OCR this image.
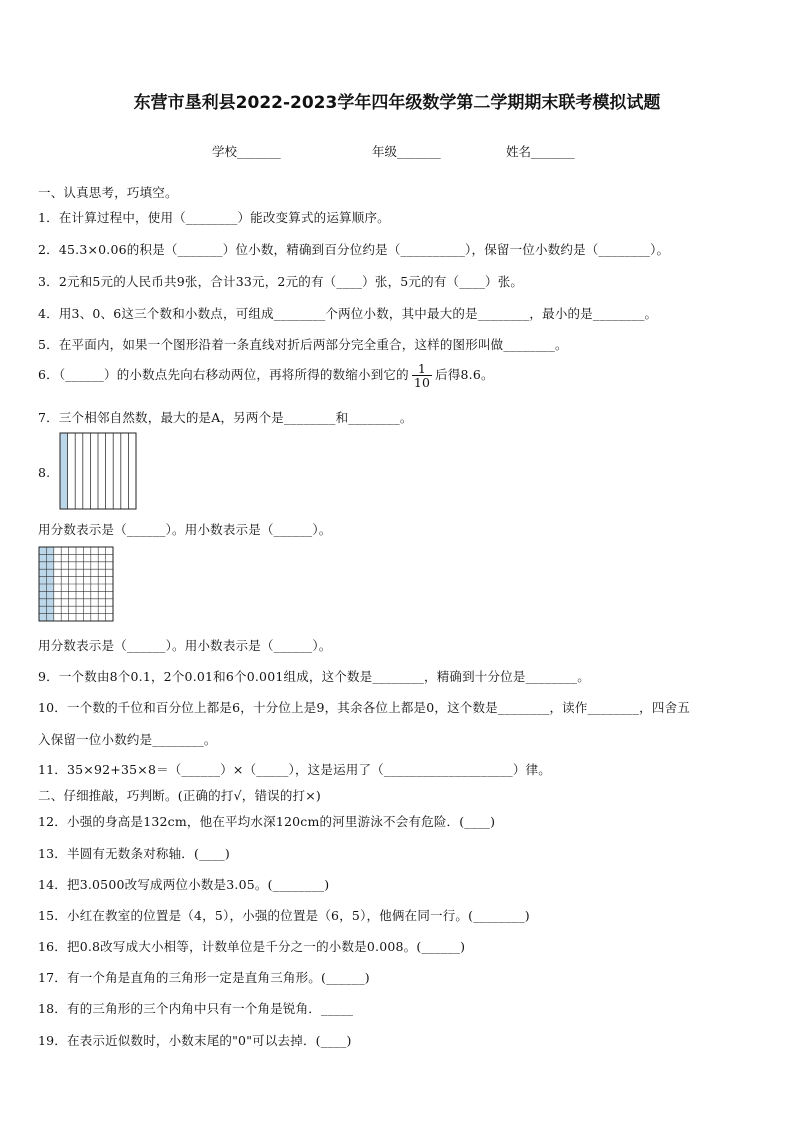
东营市垦利县2022-2023学年四年级数学第二学期期末联考模拟试题
学校_______	年级_______	姓名_______
一、认真思考，巧填空。
1．在计算过程中，使用（________）能改变算式的运算顺序。
2．45.3×0.06的积是（_______）位小数，精确到百分位约是（__________），保留一位小数约是（________）。
3．2元和5元的人民币共9张，合计33元，2元的有（____）张，5元的有（____）张。
4．用3、0、6这三个数和小数点，可组成________个两位小数，其中最大的是________，最小的是________。
5．在平面内，如果一个图形沿着一条直线对折后两部分完全重合，这样的图形叫做________。
6．（______）的小数点先向右移动两位，再将所得的数缩小到它的 $\frac{1}{10}$ 后得8.6。
7．三个相邻自然数，最大的是A，另两个是________和________。
8.
用分数表示是（______）。用小数表示是（______）。
用分数表示是（______）。用小数表示是（______）。
9．一个数由8个0.1，2个0.01和6个0.001组成，这个数是________，精确到十分位是________。
10．一个数的千位和百分位上都是6，十分位上是9，其余各位上都是0，这个数是________，读作________，四舍五
入保留一位小数约是________。
11．35×92+35×8＝（______）×（_____），这是运用了（____________________）律。
二、仔细推敲，巧判断。(正确的打√，错误的打×)
12．小强的身高是132cm，他在平均水深120cm的河里游泳不会有危险．(____)
13．半圆有无数条对称轴．(____)
14．把3.0500改写成两位小数是3.05。(________)
15．小红在教室的位置是（4，5），小强的位置是（6，5），他俩在同一行。(________)
16．把0.8改写成大小相等，计数单位是千分之一的小数是0.008。(______)
17．有一个角是直角的三角形一定是直角三角形。(______)
18．有的三角形的三个内角中只有一个角是锐角．_____
19．在表示近似数时，小数末尾的"0"可以去掉．(____)
